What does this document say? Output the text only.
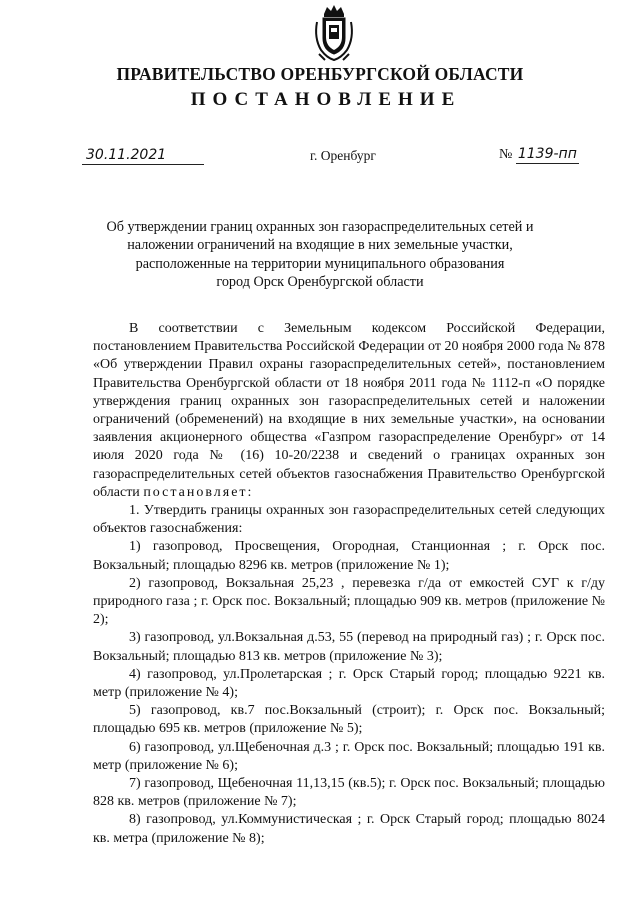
ПРАВИТЕЛЬСТВО ОРЕНБУРГСКОЙ ОБЛАСТИ
ПОСТАНОВЛЕНИЕ
30.11.2021	г. Оренбург	№ 1139-пп
Об утверждении границ охранных зон газораспределительных сетей и
наложении ограничений на входящие в них земельные участки,
расположенные на территории муниципального образования
город Орск Оренбургской области

В соответствии с Земельным кодексом Российской Федерации, постановлением Правительства Российской Федерации от 20 ноября 2000 года № 878 «Об утверждении Правил охраны газораспределительных сетей», постановлением Правительства Оренбургской области от 18 ноября 2011 года № 1112-п «О порядке утверждения границ охранных зон газораспределительных сетей и наложении ограничений (обременений) на входящие в них земельные участки», на основании заявления акционерного общества «Газпром газораспределение Оренбург» от 14 июля 2020 года № (16) 10-20/2238 и сведений о границах охранных зон газораспределительных сетей объектов газоснабжения Правительство Оренбургской области постановляет:

1. Утвердить границы охранных зон газораспределительных сетей следующих объектов газоснабжения:

1) газопровод, Просвещения, Огородная, Станционная ; г. Орск пос. Вокзальный; площадью 8296 кв. метров (приложение № 1);

2) газопровод, Вокзальная 25,23 , перевезка г/да от емкостей СУГ к г/ду природного газа ; г. Орск пос. Вокзальный; площадью 909 кв. метров (приложение № 2);

3) газопровод, ул.Вокзальная д.53, 55 (перевод на природный газ) ; г. Орск пос. Вокзальный; площадью 813 кв. метров (приложение № 3);

4) газопровод, ул.Пролетарская ; г. Орск Старый город; площадью 9221 кв. метр (приложение № 4);

5) газопровод, кв.7 пос.Вокзальный (строит); г. Орск пос. Вокзальный; площадью 695 кв. метров (приложение № 5);

6) газопровод, ул.Щебеночная д.3 ; г. Орск пос. Вокзальный; площадью 191 кв. метр (приложение № 6);

7) газопровод, Щебеночная 11,13,15 (кв.5); г. Орск пос. Вокзальный; площадью 828 кв. метров (приложение № 7);

8) газопровод, ул.Коммунистическая ; г. Орск Старый город; площадью 8024 кв. метра (приложение № 8);
